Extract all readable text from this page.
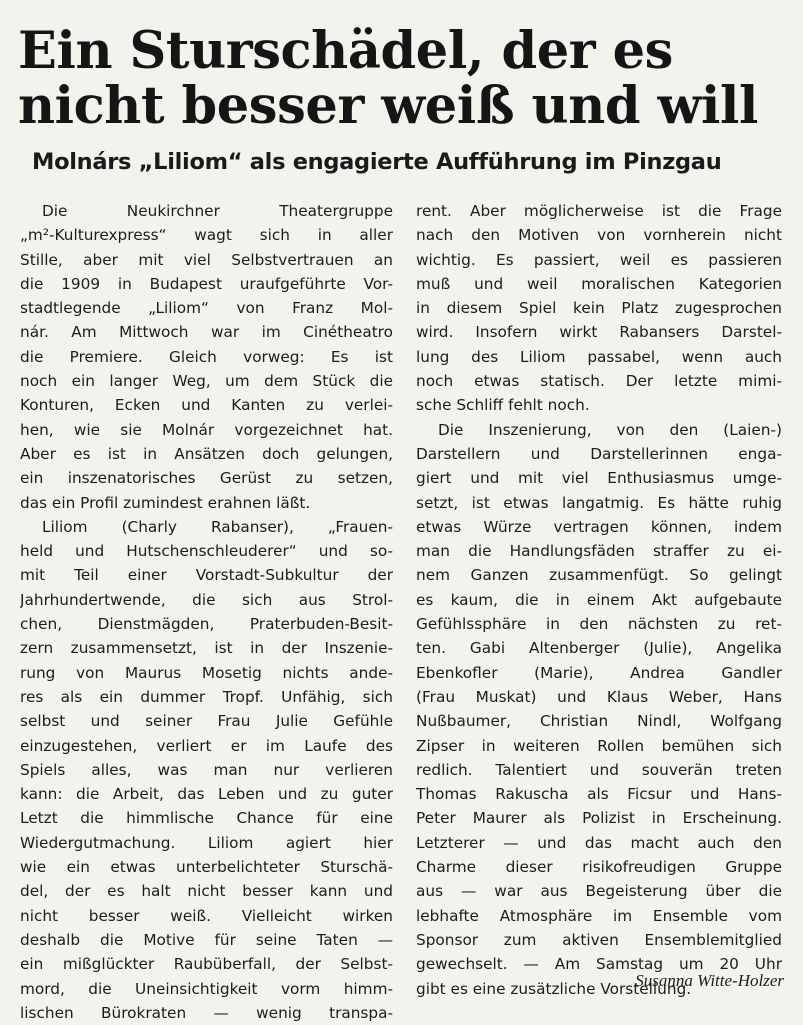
Ein Sturschädel, der es
nicht besser weiß und will
Molnárs „Liliom“ als engagierte Aufführung im Pinzgau
Die Neukirchner Theatergruppe
„m²-Kulturexpress“ wagt sich in aller
Stille, aber mit viel Selbstvertrauen an
die 1909 in Budapest uraufgeführte Vor-
stadtlegende „Liliom“ von Franz Mol-
nár. Am Mittwoch war im Cinétheatro
die Premiere. Gleich vorweg: Es ist
noch ein langer Weg, um dem Stück die
Konturen, Ecken und Kanten zu verlei-
hen, wie sie Molnár vorgezeichnet hat.
Aber es ist in Ansätzen doch gelungen,
ein inszenatorisches Gerüst zu setzen,
das ein Profil zumindest erahnen läßt.
Liliom (Charly Rabanser), „Frauen-
held und Hutschenschleuderer“ und so-
mit Teil einer Vorstadt-Subkultur der
Jahrhundertwende, die sich aus Strol-
chen, Dienstmägden, Praterbuden-Besit-
zern zusammensetzt, ist in der Inszenie-
rung von Maurus Mosetig nichts ande-
res als ein dummer Tropf. Unfähig, sich
selbst und seiner Frau Julie Gefühle
einzugestehen, verliert er im Laufe des
Spiels alles, was man nur verlieren
kann: die Arbeit, das Leben und zu guter
Letzt die himmlische Chance für eine
Wiedergutmachung. Liliom agiert hier
wie ein etwas unterbelichteter Sturschä-
del, der es halt nicht besser kann und
nicht besser weiß. Vielleicht wirken
deshalb die Motive für seine Taten —
ein mißglückter Raubüberfall, der Selbst-
mord, die Uneinsichtigkeit vorm himm-
lischen Bürokraten — wenig transpa-
rent. Aber möglicherweise ist die Frage
nach den Motiven von vornherein nicht
wichtig. Es passiert, weil es passieren
muß und weil moralischen Kategorien
in diesem Spiel kein Platz zugesprochen
wird. Insofern wirkt Rabansers Darstel-
lung des Liliom passabel, wenn auch
noch etwas statisch. Der letzte mimi-
sche Schliff fehlt noch.
Die Inszenierung, von den (Laien-)
Darstellern und Darstellerinnen enga-
giert und mit viel Enthusiasmus umge-
setzt, ist etwas langatmig. Es hätte ruhig
etwas Würze vertragen können, indem
man die Handlungsfäden straffer zu ei-
nem Ganzen zusammenfügt. So gelingt
es kaum, die in einem Akt aufgebaute
Gefühlssphäre in den nächsten zu ret-
ten. Gabi Altenberger (Julie), Angelika
Ebenkofler (Marie), Andrea Gandler
(Frau Muskat) und Klaus Weber, Hans
Nußbaumer, Christian Nindl, Wolfgang
Zipser in weiteren Rollen bemühen sich
redlich. Talentiert und souverän treten
Thomas Rakuscha als Ficsur und Hans-
Peter Maurer als Polizist in Erscheinung.
Letzterer — und das macht auch den
Charme dieser risikofreudigen Gruppe
aus — war aus Begeisterung über die
lebhafte Atmosphäre im Ensemble vom
Sponsor zum aktiven Ensemblemitglied
gewechselt. — Am Samstag um 20 Uhr
gibt es eine zusätzliche Vorstellung.
Susanna Witte-Holzer
